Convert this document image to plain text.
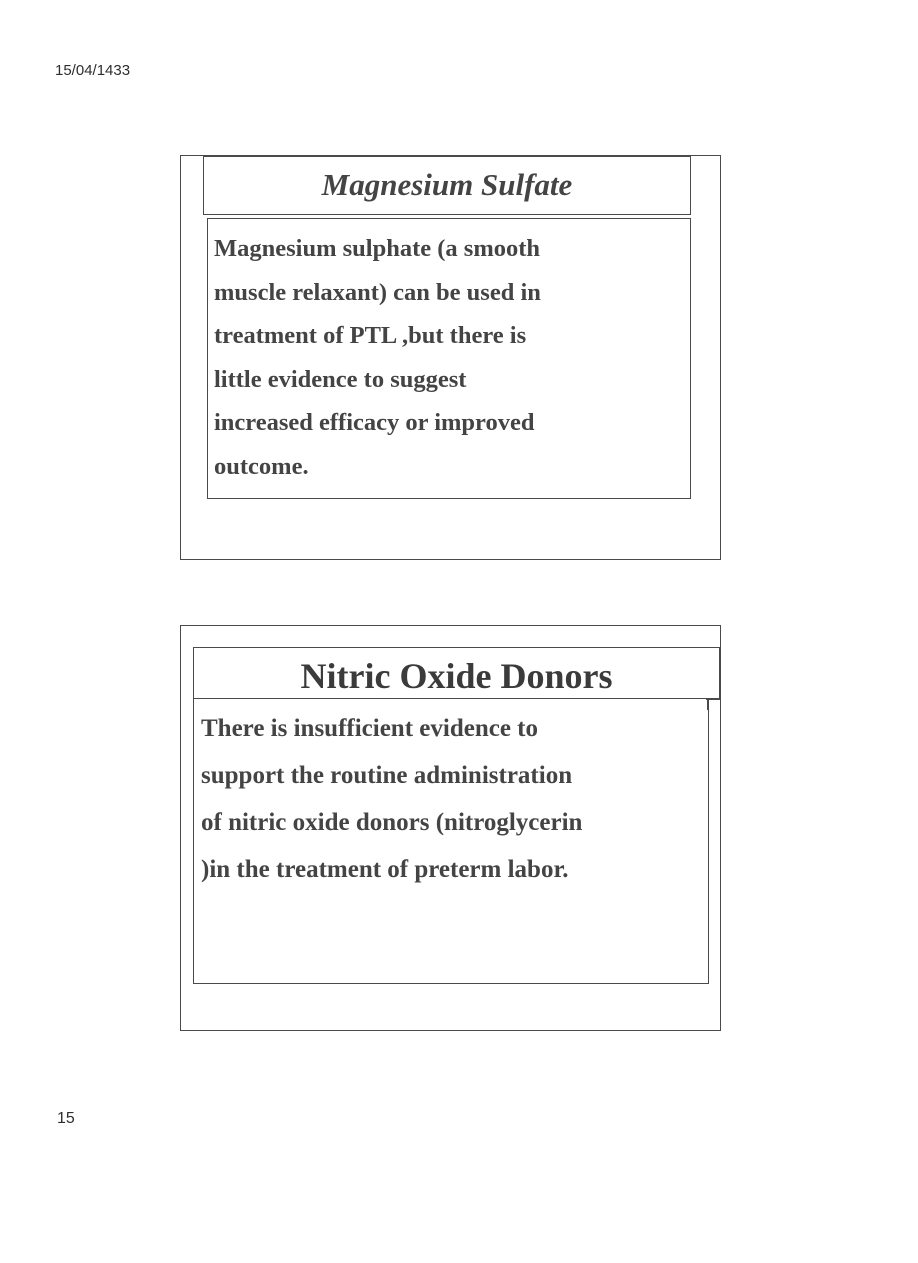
15/04/1433
Magnesium Sulfate
Magnesium sulphate (a smooth
muscle relaxant) can be used in
treatment of PTL ,but there is
little evidence to suggest
increased efficacy or improved
outcome.
Nitric Oxide Donors
There is insufficient evidence to
support the routine administration
of nitric oxide donors (nitroglycerin
)in the treatment of preterm labor.
15
